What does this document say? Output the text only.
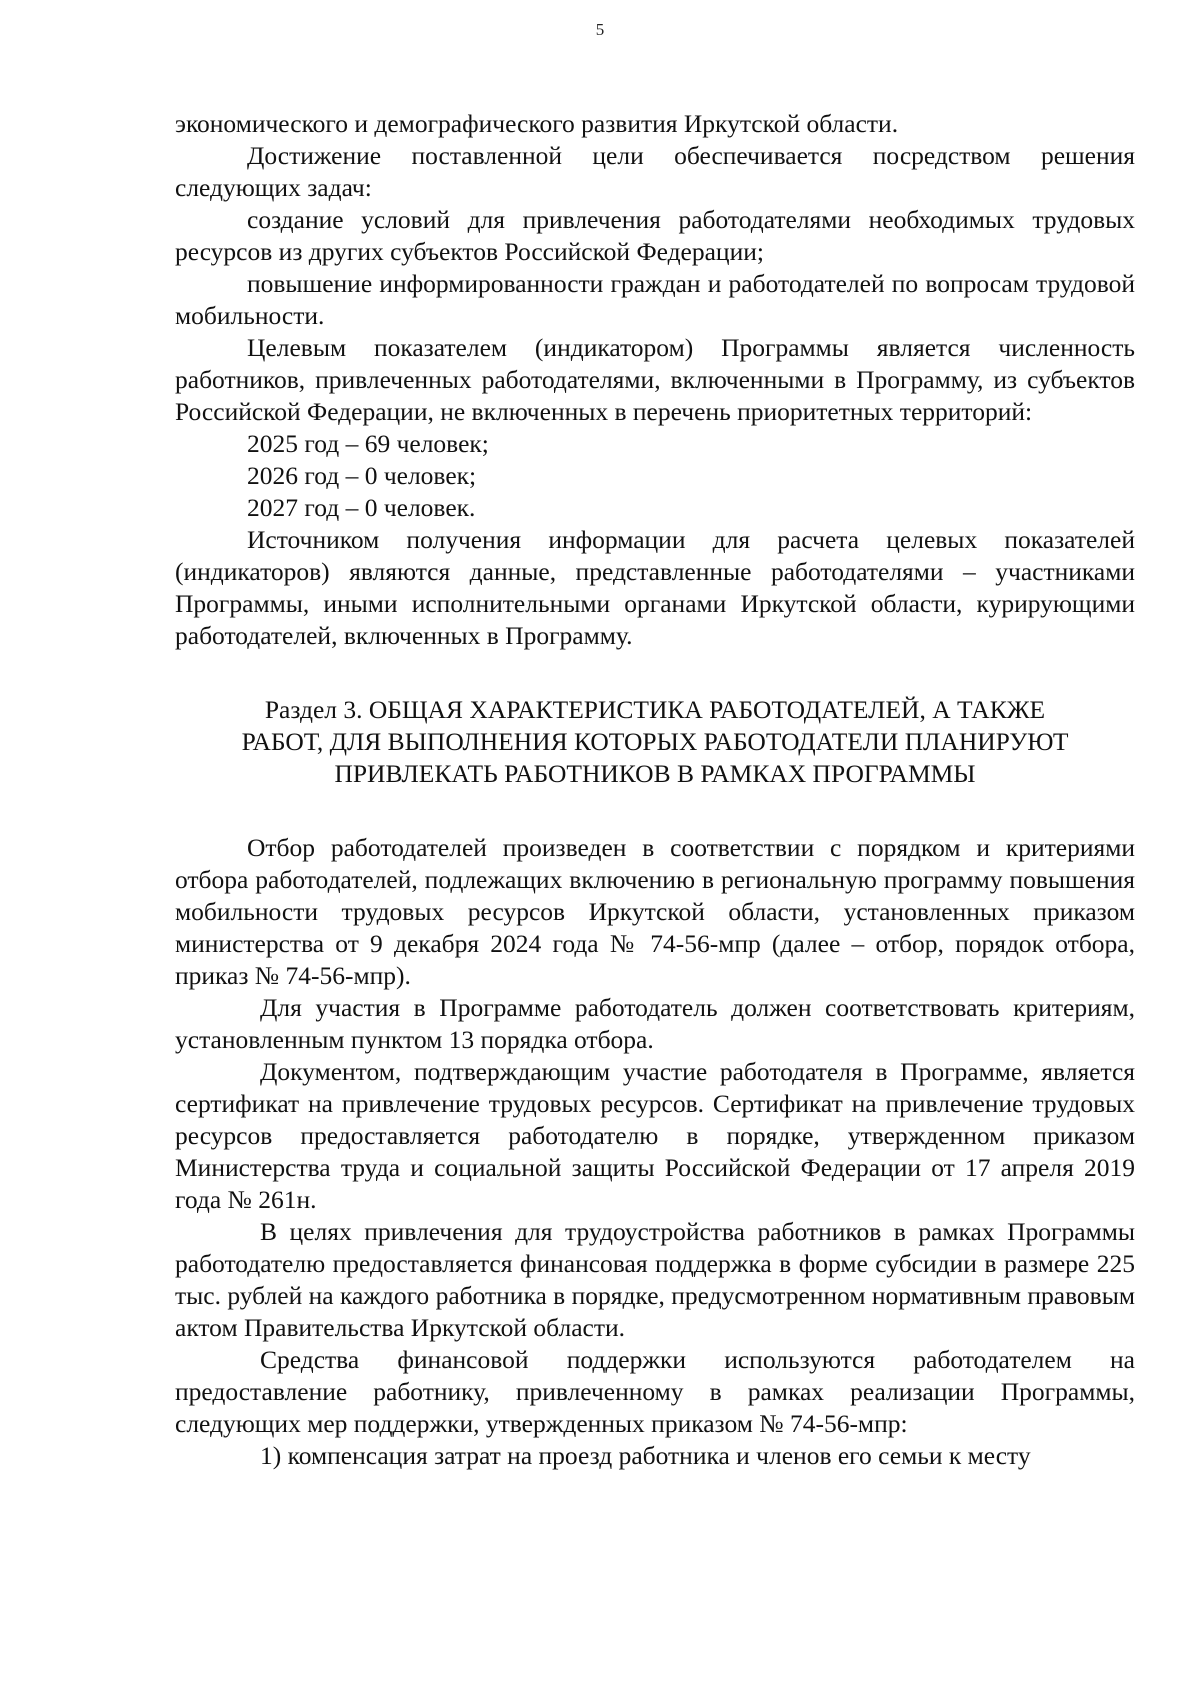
5

экономического и демографического развития Иркутской области.

Достижение поставленной цели обеспечивается посредством решения следующих задач:

создание условий для привлечения работодателями необходимых трудовых ресурсов из других субъектов Российской Федерации;

повышение информированности граждан и работодателей по вопросам трудовой мобильности.

Целевым показателем (индикатором) Программы является численность работников, привлеченных работодателями, включенными в Программу, из субъектов Российской Федерации, не включенных в перечень приоритетных территорий:

2025 год – 69 человек;

2026 год – 0 человек;

2027 год – 0 человек.

Источником получения информации для расчета целевых показателей (индикаторов) являются данные, представленные работодателями – участниками Программы, иными исполнительными органами Иркутской области, курирующими работодателей, включенных в Программу.

Раздел 3. ОБЩАЯ ХАРАКТЕРИСТИКА РАБОТОДАТЕЛЕЙ, А ТАКЖЕ
РАБОТ, ДЛЯ ВЫПОЛНЕНИЯ КОТОРЫХ РАБОТОДАТЕЛИ ПЛАНИРУЮТ
ПРИВЛЕКАТЬ РАБОТНИКОВ В РАМКАХ ПРОГРАММЫ

Отбор работодателей произведен в соответствии с порядком и критериями отбора работодателей, подлежащих включению в региональную программу повышения мобильности трудовых ресурсов Иркутской области, установленных приказом министерства от 9 декабря 2024 года № 74-56-мпр (далее – отбор, порядок отбора, приказ № 74-56-мпр).

Для участия в Программе работодатель должен соответствовать критериям, установленным пунктом 13 порядка отбора.

Документом, подтверждающим участие работодателя в Программе, является сертификат на привлечение трудовых ресурсов. Сертификат на привлечение трудовых ресурсов предоставляется работодателю в порядке, утвержденном приказом Министерства труда и социальной защиты Российской Федерации от 17 апреля 2019 года № 261н.

В целях привлечения для трудоустройства работников в рамках Программы работодателю предоставляется финансовая поддержка в форме субсидии в размере 225 тыс. рублей на каждого работника в порядке, предусмотренном нормативным правовым актом Правительства Иркутской области.

Средства финансовой поддержки используются работодателем на предоставление работнику, привлеченному в рамках реализации Программы, следующих мер поддержки, утвержденных приказом № 74-56-мпр:

1) компенсация затрат на проезд работника и членов его семьи к месту
